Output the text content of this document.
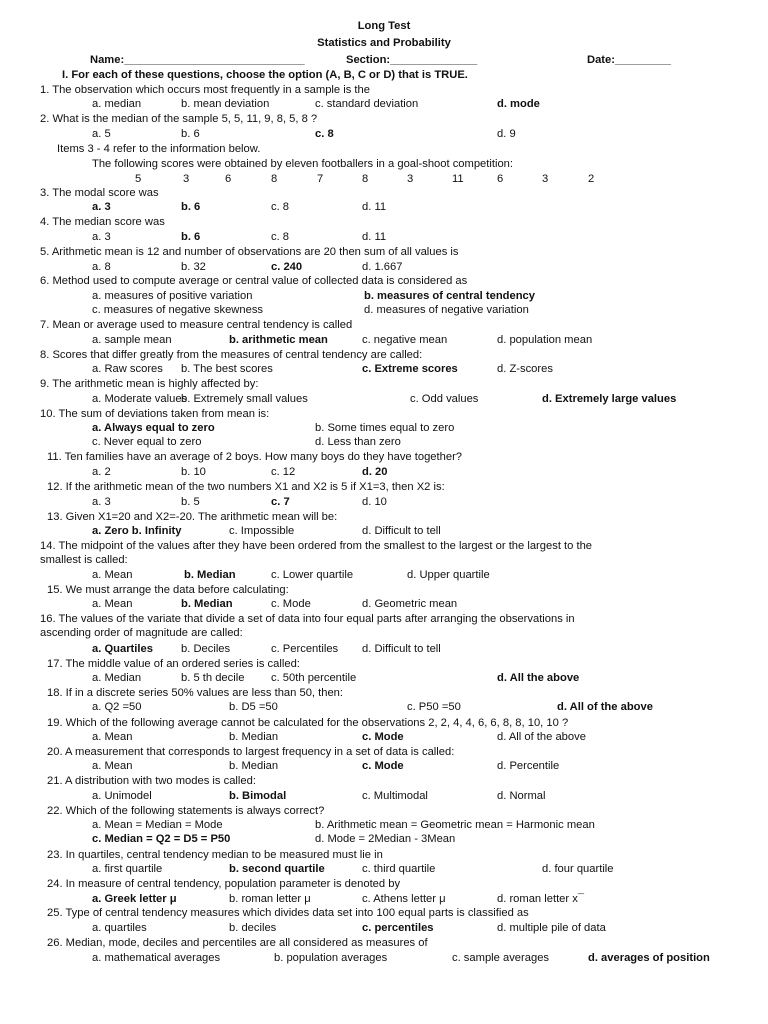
Long Test
Statistics and Probability
Name:_____________________________	Section:______________	Date:_________
I. For each of these questions, choose the option (A, B, C or D) that is TRUE.
1. The observation which occurs most frequently in a sample is the
a. median	b. mean deviation	c. standard deviation	d. mode
2. What is the median of the sample 5, 5, 11, 9, 8, 5, 8 ?
a. 5	b. 6	c. 8	d. 9
Items 3 - 4 refer to the information below.
The following scores were obtained by eleven footballers in a goal-shoot competition:
5	3	6	8	7	8	3	11	6	3	2
3. The modal score was
a. 3	b. 6	c. 8	d. 11
4. The median score was
a. 3	b. 6	c. 8	d. 11
5. Arithmetic mean is 12 and number of observations are 20 then sum of all values is
a. 8	b. 32	c. 240	d. 1.667
6. Method used to compute average or central value of collected data is considered as
a. measures of positive variation	b. measures of central tendency
c. measures of negative skewness	d. measures of negative variation
7. Mean or average used to measure central tendency is called
a. sample mean	b. arithmetic mean	c. negative mean	d. population mean
8. Scores that differ greatly from the measures of central tendency are called:
a. Raw scores b. The best scores	c. Extreme scores	d. Z-scores
9. The arithmetic mean is highly affected by:
a. Moderate values
b. Extremely small values	c. Odd values	d. Extremely large values
10. The sum of deviations taken from mean is:
a. Always equal to zero	b. Some times equal to zero
c. Never equal to zero	d. Less than zero
11. Ten families have an average of 2 boys. How many boys do they have together?
a. 2	b. 10	c. 12	d. 20
12. If the arithmetic mean of the two numbers X1 and X2 is 5 if X1=3, then X2 is:
a. 3	b. 5	c. 7	d. 10
13. Given X1=20 and X2=-20. The arithmetic mean will be:
a. Zero b. Infinity	c. Impossible	d. Difficult to tell
14. The midpoint of the values after they have been ordered from the smallest to the largest or the largest to the
smallest is called:
a. Mean	b. Median	c. Lower quartile	d. Upper quartile
15. We must arrange the data before calculating:
a. Mean	b. Median	c. Mode	d. Geometric mean
16. The values of the variate that divide a set of data into four equal parts after arranging the observations in
ascending order of magnitude are called:
a. Quartiles	b. Deciles	c. Percentiles d. Difficult to tell
17. The middle value of an ordered series is called:
a. Median	b. 5 th decile c. 50th percentile	d. All the above
18. If in a discrete series 50% values are less than 50, then:
a. Q2 =50	b. D5 =50	c. P50 =50	d. All of the above
19. Which of the following average cannot be calculated for the observations 2, 2, 4, 4, 6, 6, 8, 8, 10, 10 ?
a. Mean	b. Median	c. Mode	d. All of the above
20. A measurement that corresponds to largest frequency in a set of data is called:
a. Mean	b. Median	c. Mode	d. Percentile
21. A distribution with two modes is called:
a. Unimodel	b. Bimodal	c. Multimodal	d. Normal
22. Which of the following statements is always correct?
a. Mean = Median = Mode	b. Arithmetic mean = Geometric mean = Harmonic mean
c. Median = Q2 = D5 = P50	d. Mode = 2Median - 3Mean
23. In quartiles, central tendency median to be measured must lie in
a. first quartile	b. second quartile	c. third quartile	d. four quartile
24. In measure of central tendency, population parameter is denoted by
a. Greek letter μ	b. roman letter μ	c. Athens letter μ	d. roman letter x¯
25. Type of central tendency measures which divides data set into 100 equal parts is classified as
a. quartiles	b. deciles	c. percentiles	d. multiple pile of data
26. Median, mode, deciles and percentiles are all considered as measures of
a. mathematical averages	b. population averages	c. sample averages	d. averages of position
